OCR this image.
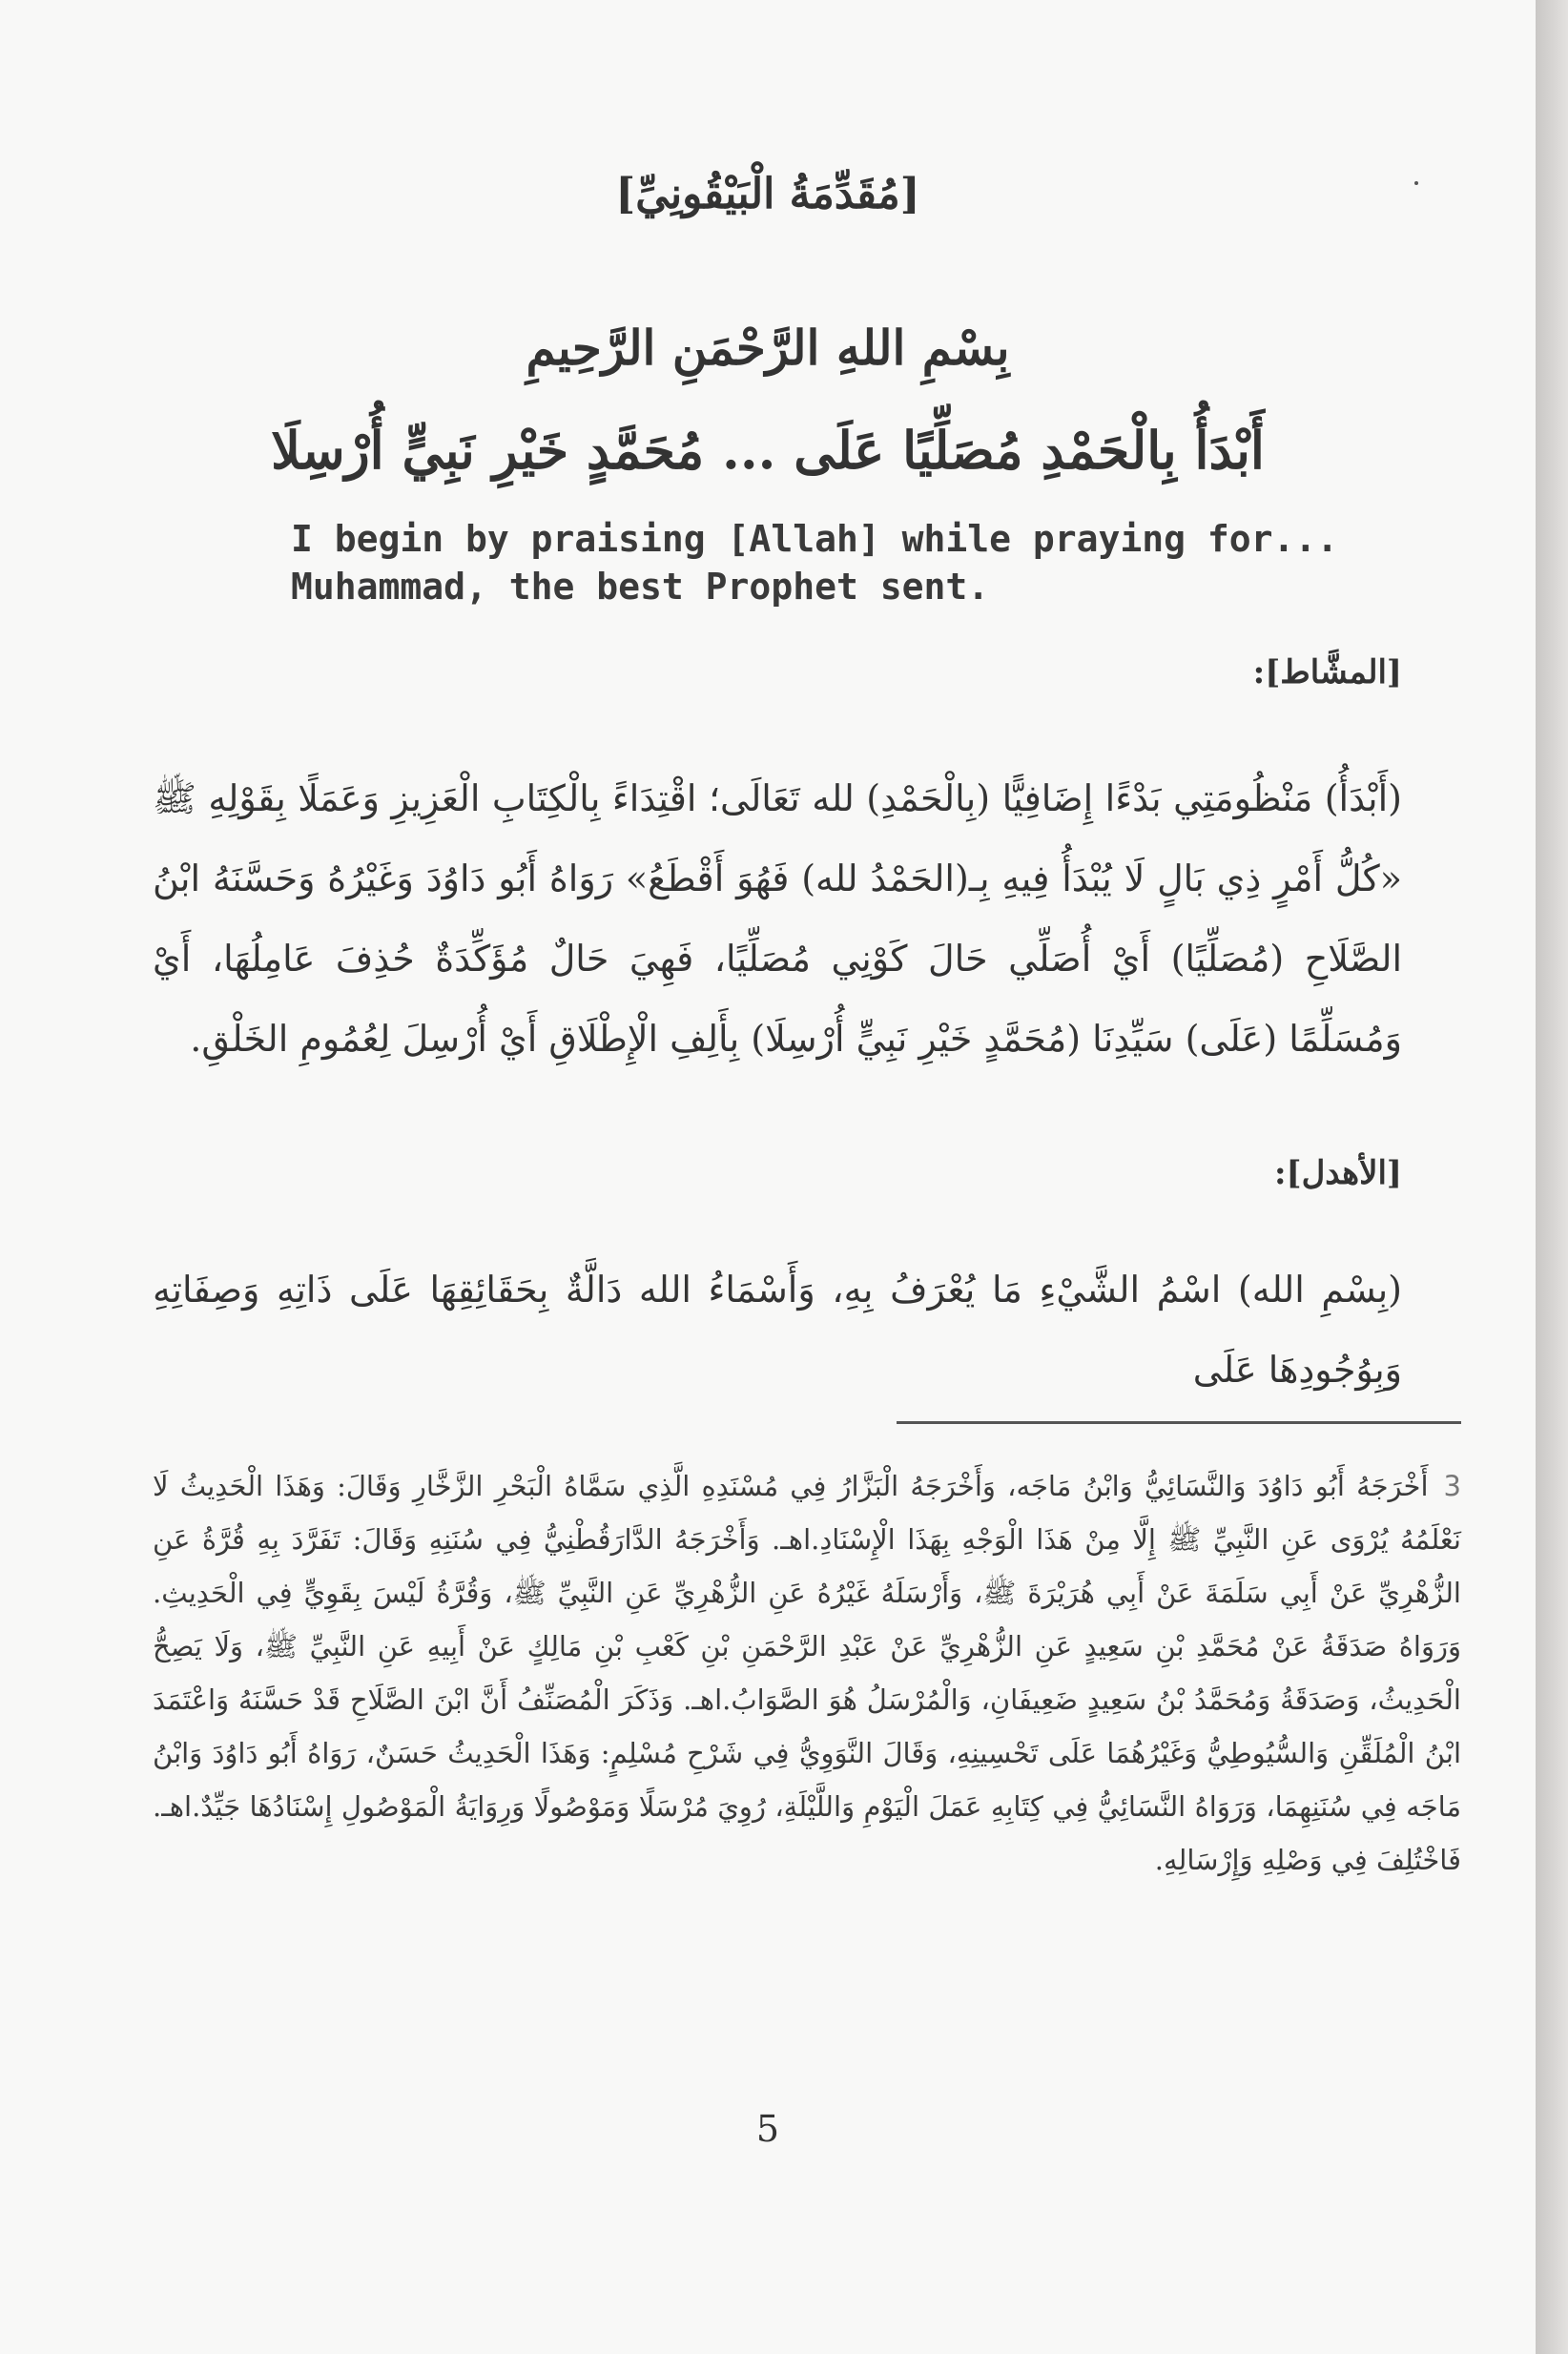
[مُقَدِّمَةُ الْبَيْقُونِيِّ]
بِسْمِ اللهِ الرَّحْمَنِ الرَّحِيمِ
أَبْدَأُ بِالْحَمْدِ مُصَلِّيًا عَلَى ... مُحَمَّدٍ خَيْرِ نَبِيٍّ أُرْسِلَا
I begin by praising [Allah] while praying for...
Muhammad, the best Prophet sent.
[المشَّاط]:
(أَبْدَأُ) مَنْظُومَتِي بَدْءًا إِضَافِيًّا (بِالْحَمْدِ) لله تَعَالَى؛ اقْتِدَاءً بِالْكِتَابِ الْعَزِيزِ وَعَمَلًا بِقَوْلِهِ ﷺ «كُلُّ أَمْرٍ ذِي بَالٍ لَا يُبْدَأُ فِيهِ بِـ(الحَمْدُ لله) فَهُوَ أَقْطَعُ» رَوَاهُ أَبُو دَاوُدَ وَغَيْرُهُ وَحَسَّنَهُ ابْنُ الصَّلَاحِ (مُصَلِّيًا) أَيْ أُصَلِّي حَالَ كَوْنِي مُصَلِّيًا، فَهِيَ حَالٌ مُؤَكِّدَةٌ حُذِفَ عَامِلُهَا، أَيْ وَمُسَلِّمًا (عَلَى) سَيِّدِنَا (مُحَمَّدٍ خَيْرِ نَبِيٍّ أُرْسِلَا) بِأَلِفِ الْإِطْلَاقِ أَيْ أُرْسِلَ لِعُمُومِ الخَلْقِ.
[الأهدل]:
(بِسْمِ الله) اسْمُ الشَّيْءِ مَا يُعْرَفُ بِهِ، وَأَسْمَاءُ الله دَالَّةٌ بِحَقَائِقِهَا عَلَى ذَاتِهِ وَصِفَاتِهِ وَبِوُجُودِهَا عَلَى
3أَخْرَجَهُ أَبُو دَاوُدَ وَالنَّسَائِيُّ وَابْنُ مَاجَه، وَأَخْرَجَهُ الْبَزَّارُ فِي مُسْنَدِهِ الَّذِي سَمَّاهُ الْبَحْرِ الزَّخَّارِ وَقَالَ: وَهَذَا الْحَدِيثُ لَا نَعْلَمُهُ يُرْوَى عَنِ النَّبِيِّ ﷺ إِلَّا مِنْ هَذَا الْوَجْهِ بِهَذَا الْإِسْنَادِ.اهـ. وَأَخْرَجَهُ الدَّارَقُطْنِيُّ فِي سُنَنِهِ وَقَالَ: تَفَرَّدَ بِهِ قُرَّةُ عَنِ الزُّهْرِيِّ عَنْ أَبِي سَلَمَةَ عَنْ أَبِي هُرَيْرَةَ ﷺ، وَأَرْسَلَهُ غَيْرُهُ عَنِ الزُّهْرِيِّ عَنِ النَّبِيِّ ﷺ، وَقُرَّةُ لَيْسَ بِقَوِيٍّ فِي الْحَدِيثِ. وَرَوَاهُ صَدَقَةُ عَنْ مُحَمَّدِ بْنِ سَعِيدٍ عَنِ الزُّهْرِيِّ عَنْ عَبْدِ الرَّحْمَنِ بْنِ كَعْبِ بْنِ مَالِكٍ عَنْ أَبِيهِ عَنِ النَّبِيِّ ﷺ، وَلَا يَصِحُّ الْحَدِيثُ، وَصَدَقَةُ وَمُحَمَّدُ بْنُ سَعِيدٍ ضَعِيفَانِ، وَالْمُرْسَلُ هُوَ الصَّوَابُ.اهـ. وَذَكَرَ الْمُصَنِّفُ أَنَّ ابْنَ الصَّلَاحِ قَدْ حَسَّنَهُ وَاعْتَمَدَ ابْنُ الْمُلَقِّنِ وَالسُّيُوطِيُّ وَغَيْرُهُمَا عَلَى تَحْسِينِهِ، وَقَالَ النَّوَوِيُّ فِي شَرْحِ مُسْلِمٍ: وَهَذَا الْحَدِيثُ حَسَنٌ، رَوَاهُ أَبُو دَاوُدَ وَابْنُ مَاجَه فِي سُنَنِهِمَا، وَرَوَاهُ النَّسَائِيُّ فِي كِتَابِهِ عَمَلَ الْيَوْمِ وَاللَّيْلَةِ، رُوِيَ مُرْسَلًا وَمَوْصُولًا وَرِوَايَةُ الْمَوْصُولِ إِسْنَادُهَا جَيِّدٌ.اهـ. فَاخْتُلِفَ فِي وَصْلِهِ وَإِرْسَالِهِ.
5
